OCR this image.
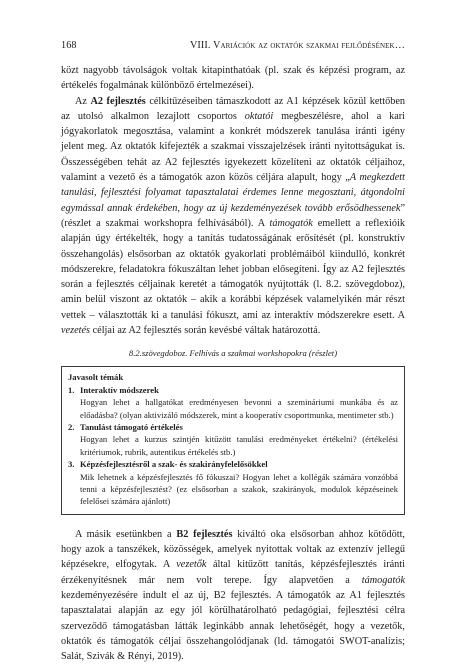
168	VIII. Variációk az oktatók szakmai fejlődésének…

közt nagyobb távolságok voltak kitapinthatóak (pl. szak és képzési program, az értékelés fogalmának különböző értelmezései).

Az A2 fejlesztés célkitűzéseiben támaszkodott az A1 képzések közül kettőben az utolsó alkalmon lezajlott csoportos oktatói megbeszélésre, ahol a kari jógyakorlatok megosztása, valamint a konkrét módszerek tanulása iránti igény jelent meg. Az oktatók kifejezték a szakmai visszajelzések iránti nyitottságukat is. Összességében tehát az A2 fejlesztés igyekezett közelíteni az oktatók céljaihoz, valamint a vezető és a támogatók azon közös céljára alapult, hogy „A megkezdett tanulási, fejlesztési folyamat tapasztalatai érdemes lenne megosztani, átgondolni egymással annak érdekében, hogy az új kezdeményezések tovább erősödhessenek” (részlet a szakmai workshopra felhívásából). A támogatók emellett a reflexióik alapján úgy értékelték, hogy a tanítás tudatosságának erősítését (pl. konstruktív összehangolás) elsősorban az oktatók gyakorlati problémáiból kiindulló, konkrét módszerekre, feladatokra fókuszáltan lehet jobban elősegíteni. Így az A2 fejlesztés során a fejlesztés céljainak keretét a támogatók nyújtották (l. 8.2. szövegdoboz), amin belül viszont az oktatók – akik a korábbi képzések valamelyikén már részt vettek – választották ki a tanulási fókuszt, ami az interaktív módszerekre esett. A vezetés céljai az A2 fejlesztés során kevésbé váltak határozottá.

8.2.szövegdoboz. Felhívás a szakmai workshopokra (részlet)
Javasolt témák
1. Interaktív módszerek
Hogyan lehet a hallgatókat eredményesen bevonni a szemináriumi munkába és az előadásba? (olyan aktivizáló módszerek, mint a kooperatív csoportmunka, mentimeter stb.)
2. Tanulást támogató értékelés
Hogyan lehet a kurzus szintjén kitűzött tanulási eredményeket értékelni? (értékelési kritériumok, rubrik, autentikus értékelés stb.)
3. Képzésfejlesztésről a szak- és szakirányfelelősökkel
Mik lehetnek a képzésfejlesztés fő fókuszai? Hogyan lehet a kollégák számára vonzóbbá tenni a képzésfejlesztést? (ez elsősorban a szakok, szakirányok, modulok képzéseinek felelősei számára ajánlott)

A másik esetünkben a B2 fejlesztés kiváltó oka elsősorban ahhoz kötődött, hogy azok a tanszékek, közösségek, amelyek nyitottak voltak az extenzív jellegű képzésekre, elfogytak. A vezetők által kitűzött tanítás, képzésfejlesztés iránti érzékenyítésnek már nem volt terepe. Így alapvetően a támogatók kezdeményezésére indult el az új, B2 fejlesztés. A támogatók az A1 fejlesztés tapasztalatai alapján az egy jól körülhatárolható pedagógiai, fejlesztési célra szerveződő támogatásban látták leginkább annak lehetőségét, hogy a vezetők, oktatók és támogatók céljai összehangolódjanak (ld. támogatói SWOT-analízis; Salát, Szivák & Rényi, 2019).
